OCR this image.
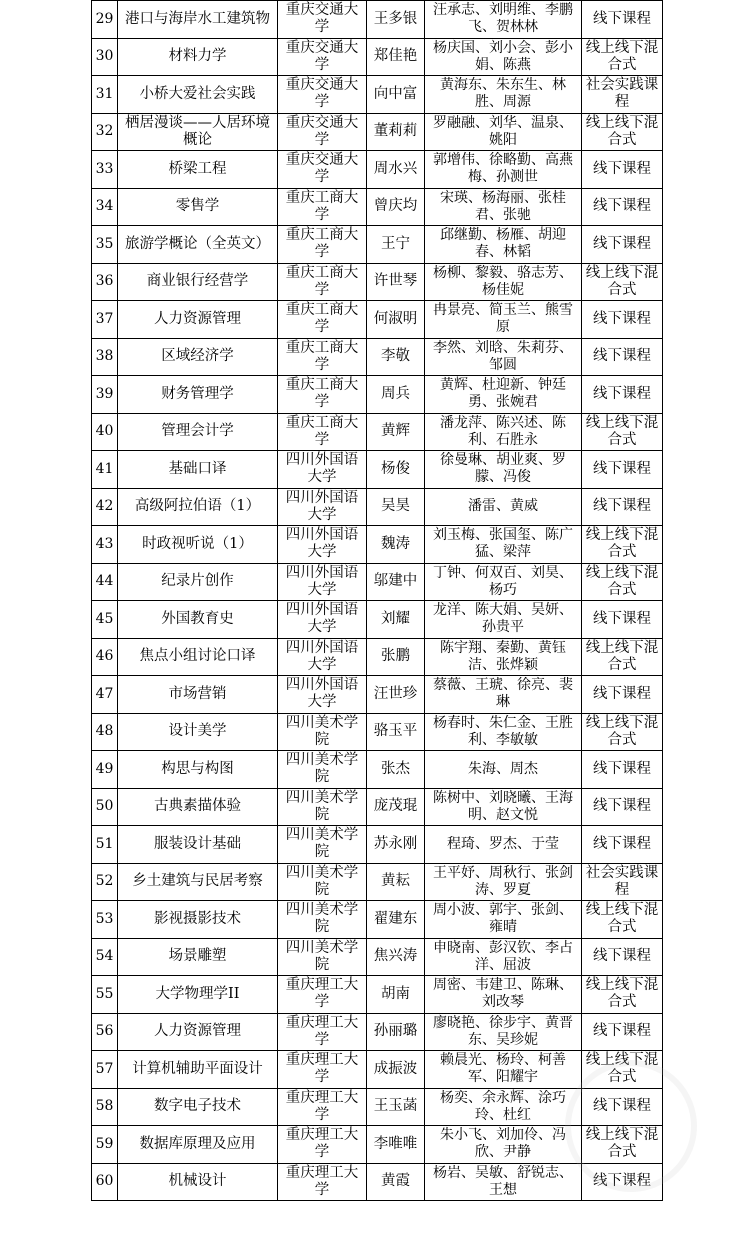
29	港口与海岸水工建筑物	重庆交通大学	王多银	汪承志、刘明维、李鹏飞、贺林林	线下课程
30	材料力学	重庆交通大学	郑佳艳	杨庆国、刘小会、彭小娟、陈燕	线上线下混合式
31	小桥大爱社会实践	重庆交通大学	向中富	黄海东、朱东生、林胜、周源	社会实践课程
32	栖居漫谈——人居环境概论	重庆交通大学	董莉莉	罗融融、刘华、温泉、姚阳	线上线下混合式
33	桥梁工程	重庆交通大学	周水兴	郭增伟、徐略勤、高燕梅、孙测世	线下课程
34	零售学	重庆工商大学	曾庆均	宋瑛、杨海丽、张桂君、张驰	线下课程
35	旅游学概论（全英文）	重庆工商大学	王宁	邱继勤、杨雁、胡迎春、林韬	线下课程
36	商业银行经营学	重庆工商大学	许世琴	杨柳、黎毅、骆志芳、杨佳妮	线上线下混合式
37	人力资源管理	重庆工商大学	何淑明	冉景亮、简玉兰、熊雪原	线下课程
38	区域经济学	重庆工商大学	李敬	李然、刘晗、朱莉芬、邹圆	线下课程
39	财务管理学	重庆工商大学	周兵	黄辉、杜迎新、钟廷勇、张婉君	线下课程
40	管理会计学	重庆工商大学	黄辉	潘龙萍、陈兴述、陈利、石胜永	线上线下混合式
41	基础口译	四川外国语大学	杨俊	徐曼琳、胡业爽、罗朦、冯俊	线下课程
42	高级阿拉伯语（1）	四川外国语大学	吴昊	潘雷、黄威	线下课程
43	时政视听说（1）	四川外国语大学	魏涛	刘玉梅、张国玺、陈广猛、梁萍	线上线下混合式
44	纪录片创作	四川外国语大学	邬建中	丁钟、何双百、刘昊、杨巧	线上线下混合式
45	外国教育史	四川外国语大学	刘耀	龙洋、陈大娟、吴妍、孙贵平	线下课程
46	焦点小组讨论口译	四川外国语大学	张鹏	陈宇翔、秦勤、黄钰洁、张烨颖	线上线下混合式
47	市场营销	四川外国语大学	汪世珍	蔡薇、王琥、徐亮、裴琳	线下课程
48	设计美学	四川美术学院	骆玉平	杨春时、朱仁金、王胜利、李敏敏	线上线下混合式
49	构思与构图	四川美术学院	张杰	朱海、周杰	线下课程
50	古典素描体验	四川美术学院	庞茂琨	陈树中、刘晓曦、王海明、赵文悦	线下课程
51	服装设计基础	四川美术学院	苏永刚	程琦、罗杰、于莹	线下课程
52	乡土建筑与民居考察	四川美术学院	黄耘	王平妤、周秋行、张剑涛、罗夏	社会实践课程
53	影视摄影技术	四川美术学院	翟建东	周小波、郭宇、张剑、雍晴	线上线下混合式
54	场景雕塑	四川美术学院	焦兴涛	申晓南、彭汉钦、李占洋、屈波	线下课程
55	大学物理学II	重庆理工大学	胡南	周密、韦建卫、陈琳、刘改琴	线上线下混合式
56	人力资源管理	重庆理工大学	孙丽璐	廖晓艳、徐步宇、黄晋东、吴珍妮	线下课程
57	计算机辅助平面设计	重庆理工大学	成振波	赖晨光、杨玲、柯善军、阳耀宇	线上线下混合式
58	数字电子技术	重庆理工大学	王玉菡	杨奕、余永辉、涂巧玲、杜红	线下课程
59	数据库原理及应用	重庆理工大学	李唯唯	朱小飞、刘加伶、冯欣、尹静	线上线下混合式
60	机械设计	重庆理工大学	黄霞	杨岩、吴敏、舒锐志、王想	线下课程
